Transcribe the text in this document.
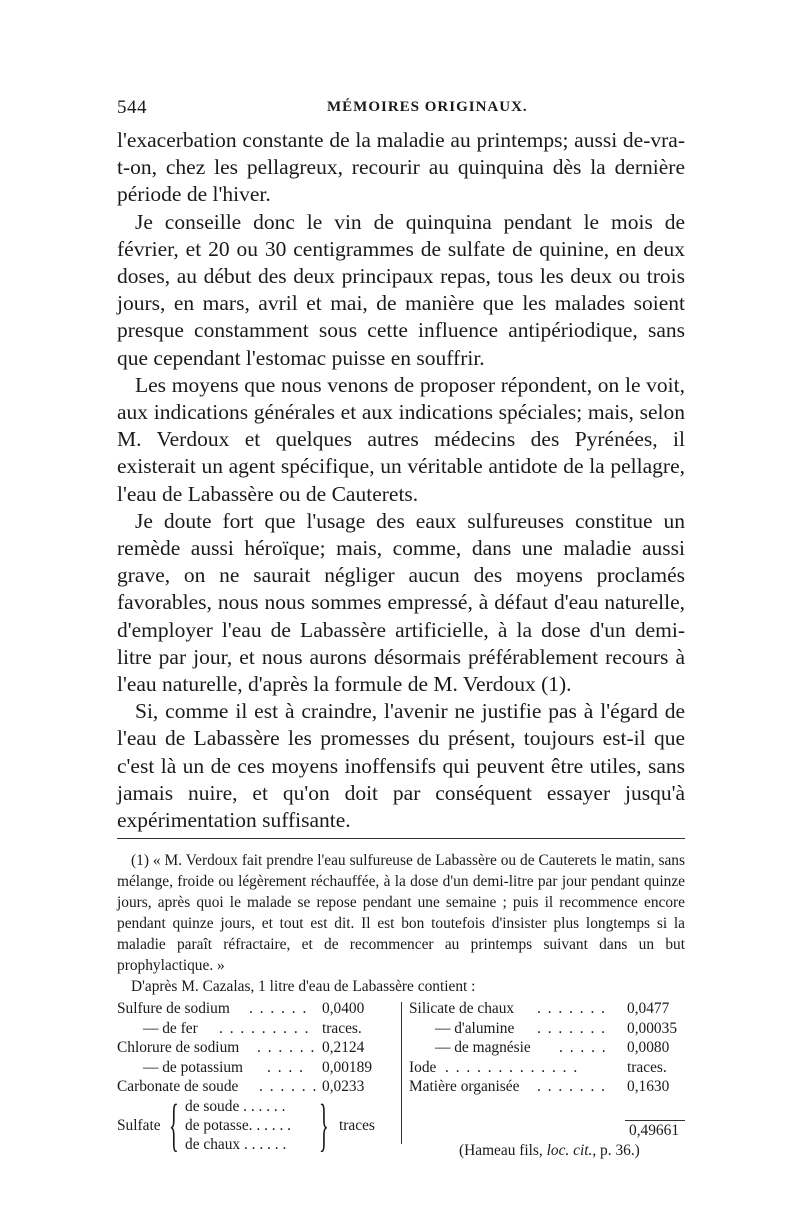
544	MÉMOIRES ORIGINAUX.

l'exacerbation constante de la maladie au printemps; aussi de-vra-t-on, chez les pellagreux, recourir au quinquina dès la dernière période de l'hiver.

Je conseille donc le vin de quinquina pendant le mois de février, et 20 ou 30 centigrammes de sulfate de quinine, en deux doses, au début des deux principaux repas, tous les deux ou trois jours, en mars, avril et mai, de manière que les malades soient presque constamment sous cette influence antipériodique, sans que cependant l'estomac puisse en souffrir.

Les moyens que nous venons de proposer répondent, on le voit, aux indications générales et aux indications spéciales; mais, selon M. Verdoux et quelques autres médecins des Pyrénées, il existerait un agent spécifique, un véritable antidote de la pellagre, l'eau de Labassère ou de Cauterets.

Je doute fort que l'usage des eaux sulfureuses constitue un remède aussi héroïque; mais, comme, dans une maladie aussi grave, on ne saurait négliger aucun des moyens proclamés favorables, nous nous sommes empressé, à défaut d'eau naturelle, d'employer l'eau de Labassère artificielle, à la dose d'un demi-litre par jour, et nous aurons désormais préférablement recours à l'eau naturelle, d'après la formule de M. Verdoux (1).

Si, comme il est à craindre, l'avenir ne justifie pas à l'égard de l'eau de Labassère les promesses du présent, toujours est-il que c'est là un de ces moyens inoffensifs qui peuvent être utiles, sans jamais nuire, et qu'on doit par conséquent essayer jusqu'à expérimentation suffisante.

(1) « M. Verdoux fait prendre l'eau sulfureuse de Labassère ou de Cauterets le matin, sans mélange, froide ou légèrement réchauffée, à la dose d'un demi-litre par jour pendant quinze jours, après quoi le malade se repose pendant une semaine ; puis il recommence encore pendant quinze jours, et tout est dit. Il est bon toutefois d'insister plus longtemps si la maladie paraît réfractaire, et de recommencer au printemps suivant dans un but prophylactique. »

D'après M. Cazalas, 1 litre d'eau de Labassère contient :

Sulfure de sodium . . . . . . 0,0400
— de fer . . . . . . . . . traces.
Chlorure de sodium . . . . . . 0,2124
— de potassium . . . . 0,00189
Carbonate de soude . . . . . . 0,0233
Sulfate { de soude . . . . . .
de potasse. . . . . .
de chaux . . . . . . } traces
Silicate de chaux . . . . . . . 0,0477
— d'alumine . . . . . . . 0,00035
— de magnésie . . . . . 0,0080
Iode . . . . . . . . . . . . .	traces.
Matière organisée . . . . . . . 0,1630
0,49661
(Hameau fils, loc. cit., p. 36.)
